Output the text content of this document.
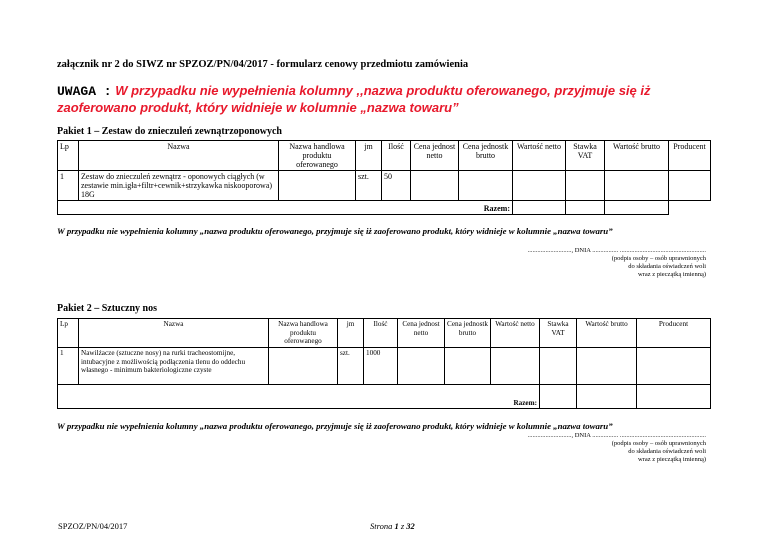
załącznik nr 2 do SIWZ nr SPZOZ/PN/04/2017 - formularz cenowy przedmiotu zamówienia
UWAGA : W przypadku nie wypełnienia kolumny ,,nazwa produktu oferowanego, przyjmuje się iż zaoferowano produkt, który widnieje w kolumnie „nazwa towaru”
Pakiet 1 – Zestaw do znieczuleń zewnątrzoponowych
Lp	Nazwa	Nazwa handlowa produktu oferowanego	jm	Ilość	Cena jednost netto	Cena jednostk brutto	Wartość netto	Stawka VAT	Wartość brutto	Producent
1	Zestaw do znieczuleń zewnątrz - oponowych ciągłych (w zestawie min.igła+filtr+cewnik+strzykawka niskooporowa) 18G		szt.	50						
Razem:										
W przypadku nie wypełnienia kolumny „nazwa produktu oferowanego, przyjmuje się iż zaoferowano produkt, który widnieje w kolumnie „nazwa towaru”
..........................., DNIA ................ .....................................................
(podpis osoby – osób uprawnionych
do składania oświadczeń woli
wraz z pieczątką imienną)
Pakiet 2 – Sztuczny nos
Lp	Nazwa	Nazwa handlowa produktu oferowanego	jm	Ilość	Cena jednost netto	Cena jednostk brutto	Wartość netto	Stawka VAT	Wartość brutto	Producent
1	Nawilżacze (sztuczne nosy) na rurki tracheostomijne, intubacyjne z możliwością podłączenia tlenu do oddechu własnego - minimum bakteriologiczne czyste		szt.	1000						
Razem:										
W przypadku nie wypełnienia kolumny „nazwa produktu oferowanego, przyjmuje się iż zaoferowano produkt, który widnieje w kolumnie „nazwa towaru”
..........................., DNIA ................ .....................................................
(podpis osoby – osób uprawnionych
do składania oświadczeń woli
wraz z pieczątką imienną)
SPZOZ/PN/04/2017	Strona 1 z 32
